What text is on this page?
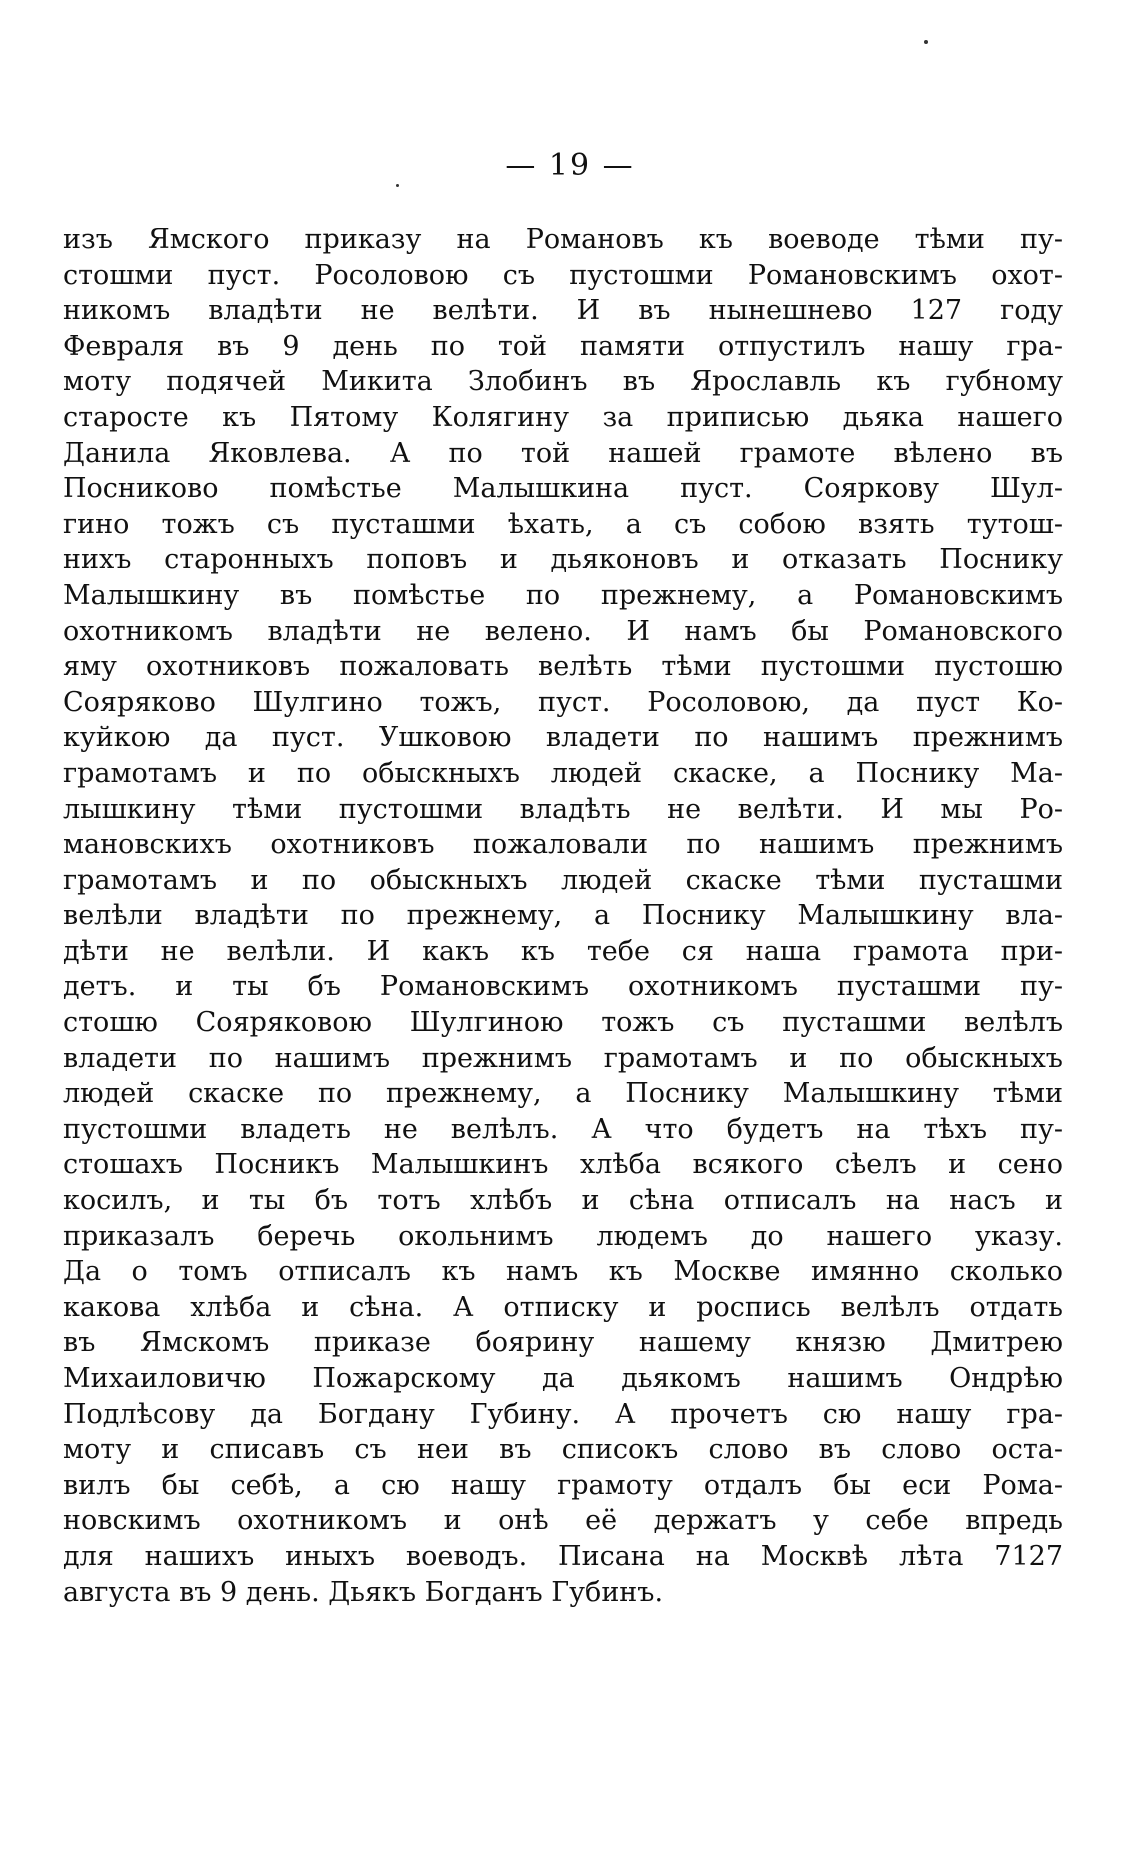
— 19 —
изъ Ямского приказу на Романовъ къ воеводе тѣми пу-
стошми пуст. Росоловою съ пустошми Романовскимъ охот-
никомъ владѣти не велѣти. И въ нынешнево 127 году
Февраля въ 9 день по той памяти отпустилъ нашу гра-
моту подячей Микита Злобинъ въ Ярославль къ губному
старосте къ Пятому Колягину за приписью дьяка нашего
Данила Яковлева. А по той нашей грамоте вѣлено въ
Посниково помѣстье Малышкина пуст. Сояркову Шул-
гино тожъ съ пусташми ѣхать, а съ собою взять тутош-
нихъ старонныхъ поповъ и дьяконовъ и отказать Поснику
Малышкину въ помѣстье по прежнему, а Романовскимъ
охотникомъ владѣти не велено. И намъ бы Романовского
яму охотниковъ пожаловать велѣть тѣми пустошми пустошю
Сояряково Шулгино тожъ, пуст. Росоловою, да пуст Ко-
куйкою да пуст. Ушковою владети по нашимъ прежнимъ
грамотамъ и по обыскныхъ людей скаске, а Поснику Ма-
лышкину тѣми пустошми владѣть не велѣти. И мы Ро-
мановскихъ охотниковъ пожаловали по нашимъ прежнимъ
грамотамъ и по обыскныхъ людей скаске тѣми пусташми
велѣли владѣти по прежнему, а Поснику Малышкину вла-
дѣти не велѣли. И какъ къ тебе ся наша грамота при-
детъ. и ты бъ Романовскимъ охотникомъ пусташми пу-
стошю Сояряковою Шулгиною тожъ съ пусташми велѣлъ
владети по нашимъ прежнимъ грамотамъ и по обыскныхъ
людей скаске по прежнему, а Поснику Малышкину тѣми
пустошми владеть не велѣлъ. А что будетъ на тѣхъ пу-
стошахъ Посникъ Малышкинъ хлѣба всякого сѣелъ и сено
косилъ, и ты бъ тотъ хлѣбъ и сѣна отписалъ на насъ и
приказалъ беречь окольнимъ людемъ до нашего указу.
Да о томъ отписалъ къ намъ къ Москве имянно сколько
какова хлѣба и сѣна. А отписку и роспись велѣлъ отдать
въ Ямскомъ приказе боярину нашему князю Дмитрею
Михаиловичю Пожарскому да дьякомъ нашимъ Ондрѣю
Подлѣсову да Богдану Губину. А прочетъ сю нашу гра-
моту и списавъ съ неи въ списокъ слово въ слово оста-
вилъ бы себѣ, а сю нашу грамоту отдалъ бы еси Рома-
новскимъ охотникомъ и онѣ её держатъ у себе впредь
для нашихъ иныхъ воеводъ. Писана на Москвѣ лѣта 7127
августа въ 9 день. Дьякъ Богданъ Губинъ.
